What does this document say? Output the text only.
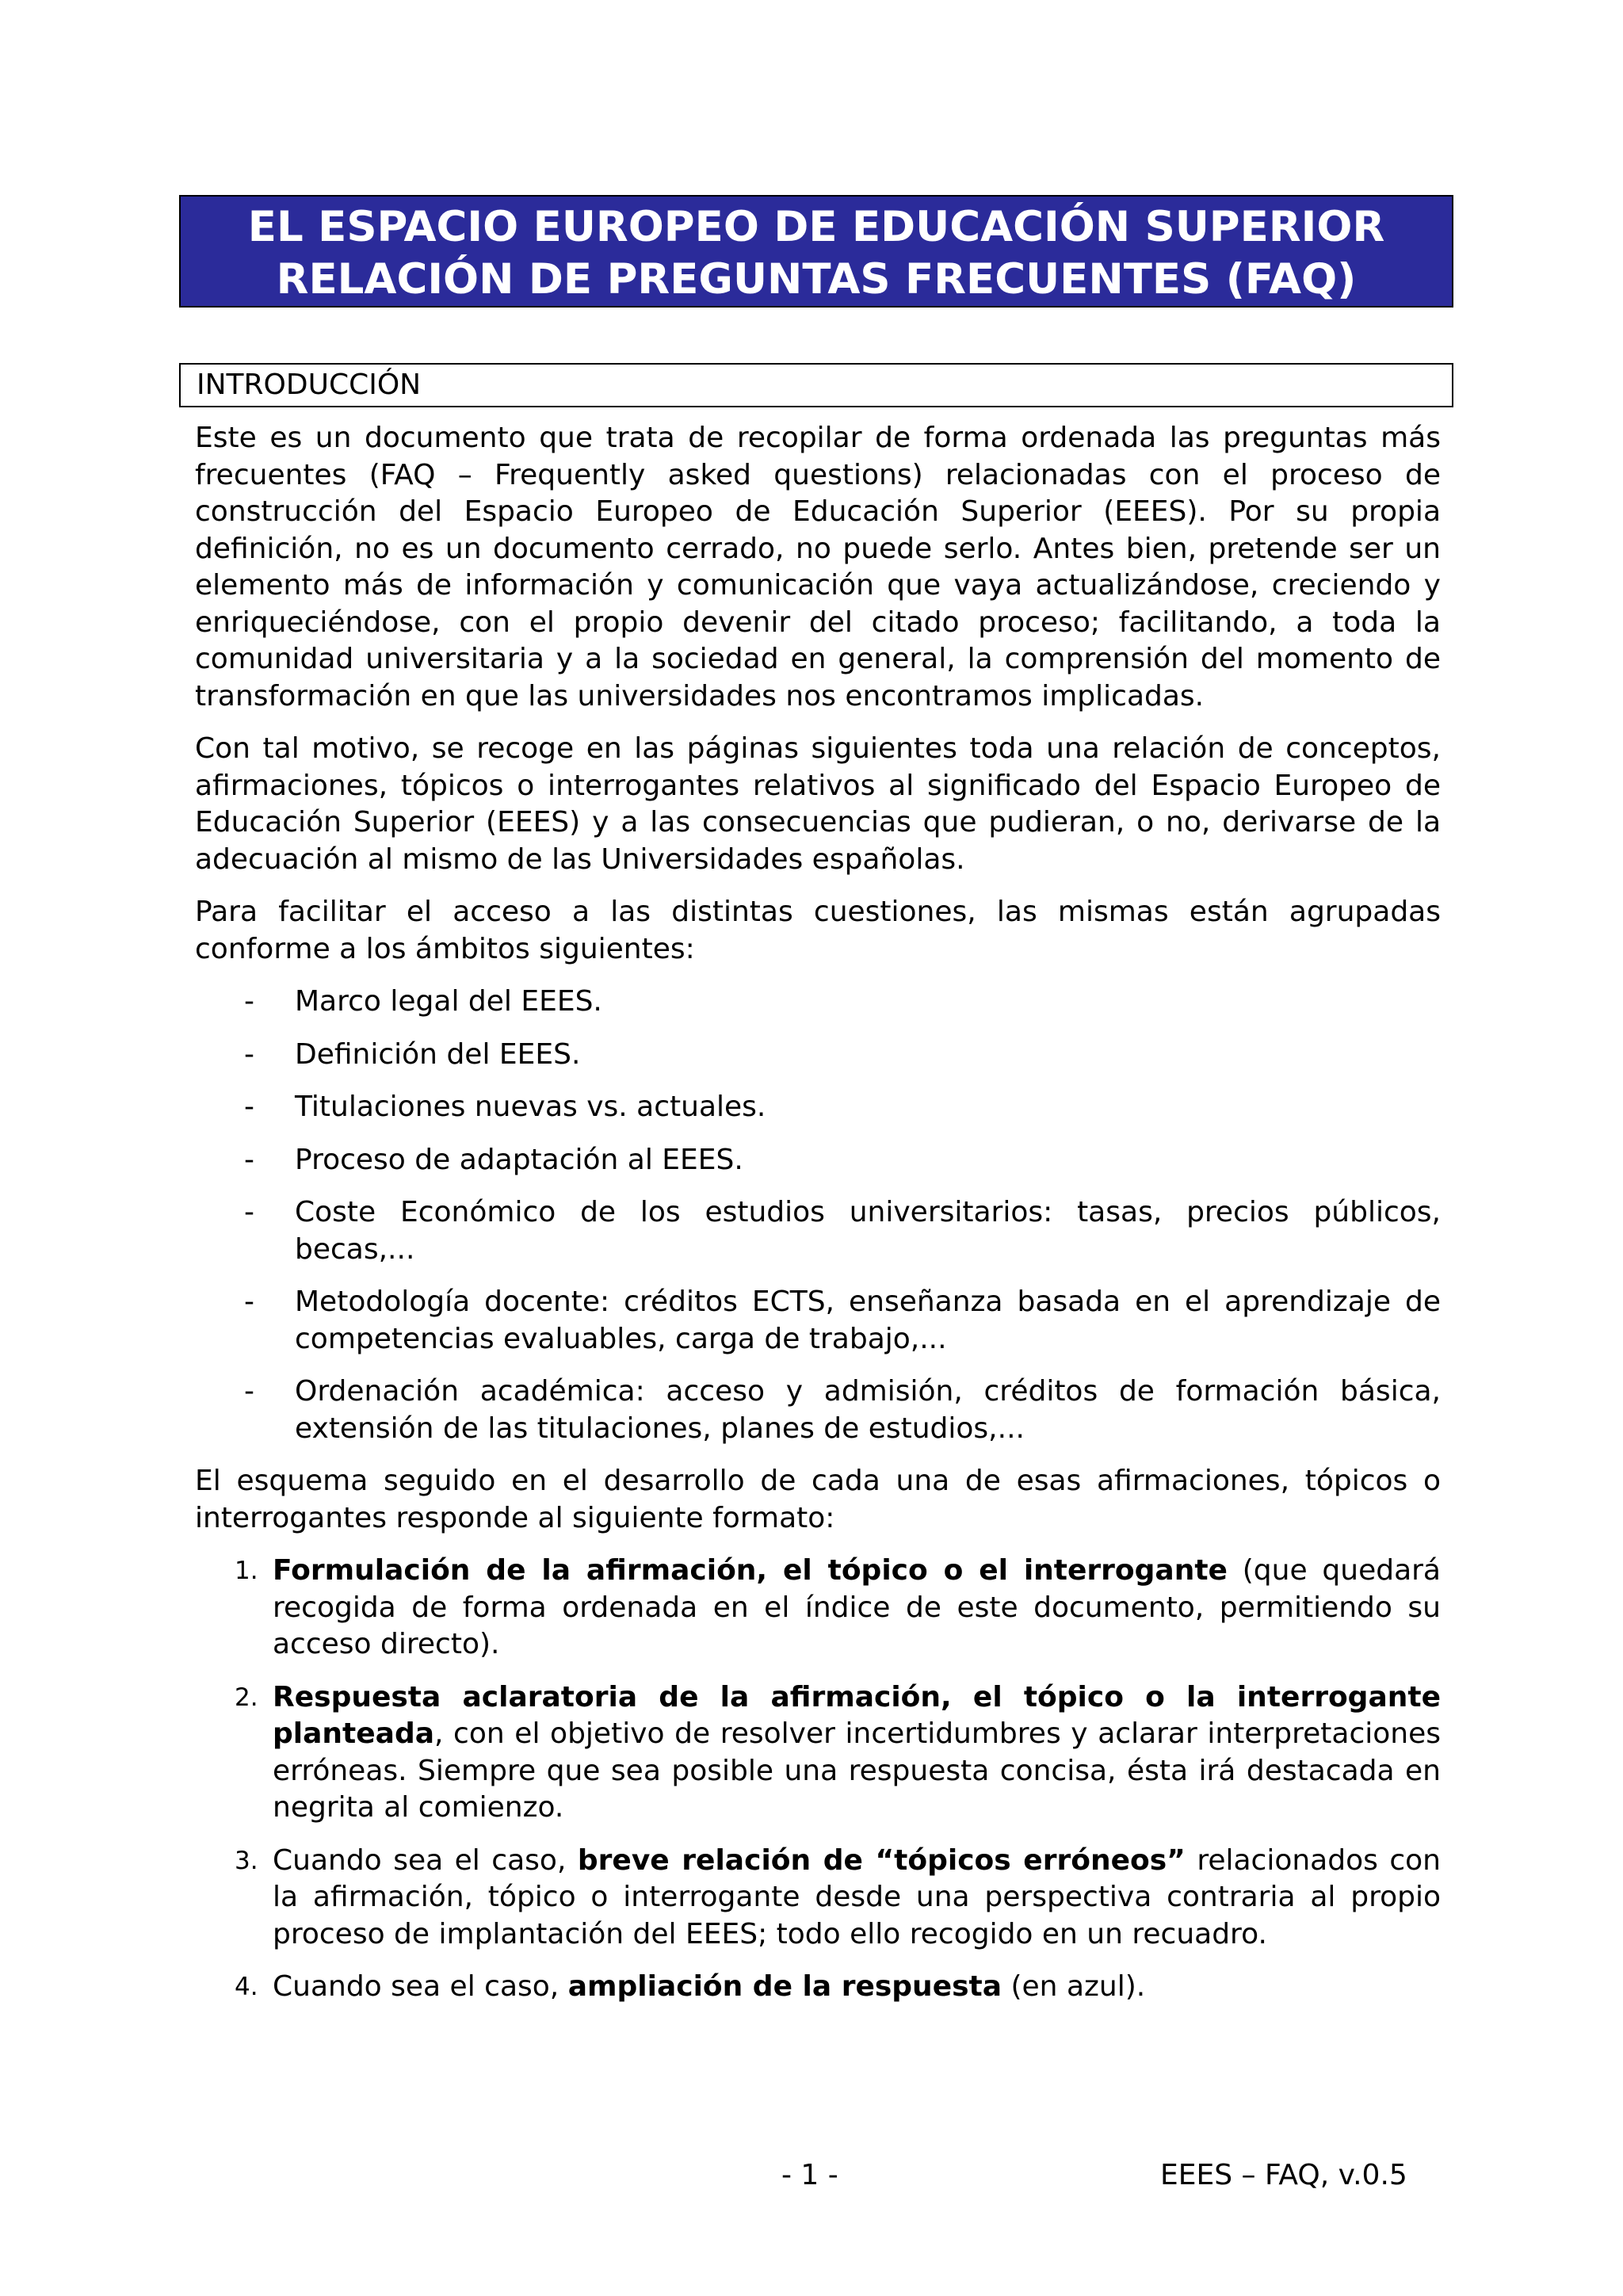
EL ESPACIO EUROPEO DE EDUCACIÓN SUPERIOR
RELACIÓN DE PREGUNTAS FRECUENTES (FAQ)
INTRODUCCIÓN

Este es un documento que trata de recopilar de forma ordenada las preguntas más frecuentes (FAQ – Frequently asked questions) relacionadas con el proceso de construcción del Espacio Europeo de Educación Superior (EEES). Por su propia definición, no es un documento cerrado, no puede serlo. Antes bien, pretende ser un elemento más de información y comunicación que vaya actualizándose, creciendo y enriqueciéndose, con el propio devenir del citado proceso; facilitando, a toda la comunidad universitaria y a la sociedad en general, la comprensión del momento de transformación en que las universidades nos encontramos implicadas.

Con tal motivo, se recoge en las páginas siguientes toda una relación de conceptos, afirmaciones, tópicos o interrogantes relativos al significado del Espacio Europeo de Educación Superior (EEES) y a las consecuencias que pudieran, o no, derivarse de la adecuación al mismo de las Universidades españolas.

Para facilitar el acceso a las distintas cuestiones, las mismas están agrupadas conforme a los ámbitos siguientes:

- Marco legal del EEES.
- Definición del EEES.
- Titulaciones nuevas vs. actuales.
- Proceso de adaptación al EEES.
- Coste Económico de los estudios universitarios: tasas, precios públicos, becas,...
- Metodología docente: créditos ECTS, enseñanza basada en el aprendizaje de competencias evaluables, carga de trabajo,...
- Ordenación académica: acceso y admisión, créditos de formación básica, extensión de las titulaciones, planes de estudios,...

El esquema seguido en el desarrollo de cada una de esas afirmaciones, tópicos o interrogantes responde al siguiente formato:

1. Formulación de la afirmación, el tópico o el interrogante (que quedará recogida de forma ordenada en el índice de este documento, permitiendo su acceso directo).
2. Respuesta aclaratoria de la afirmación, el tópico o la interrogante planteada, con el objetivo de resolver incertidumbres y aclarar interpretaciones erróneas. Siempre que sea posible una respuesta concisa, ésta irá destacada en negrita al comienzo.
3. Cuando sea el caso, breve relación de “tópicos erróneos” relacionados con la afirmación, tópico o interrogante desde una perspectiva contraria al propio proceso de implantación del EEES; todo ello recogido en un recuadro.
4. Cuando sea el caso, ampliación de la respuesta (en azul).
- 1 -	EEES – FAQ, v.0.5
